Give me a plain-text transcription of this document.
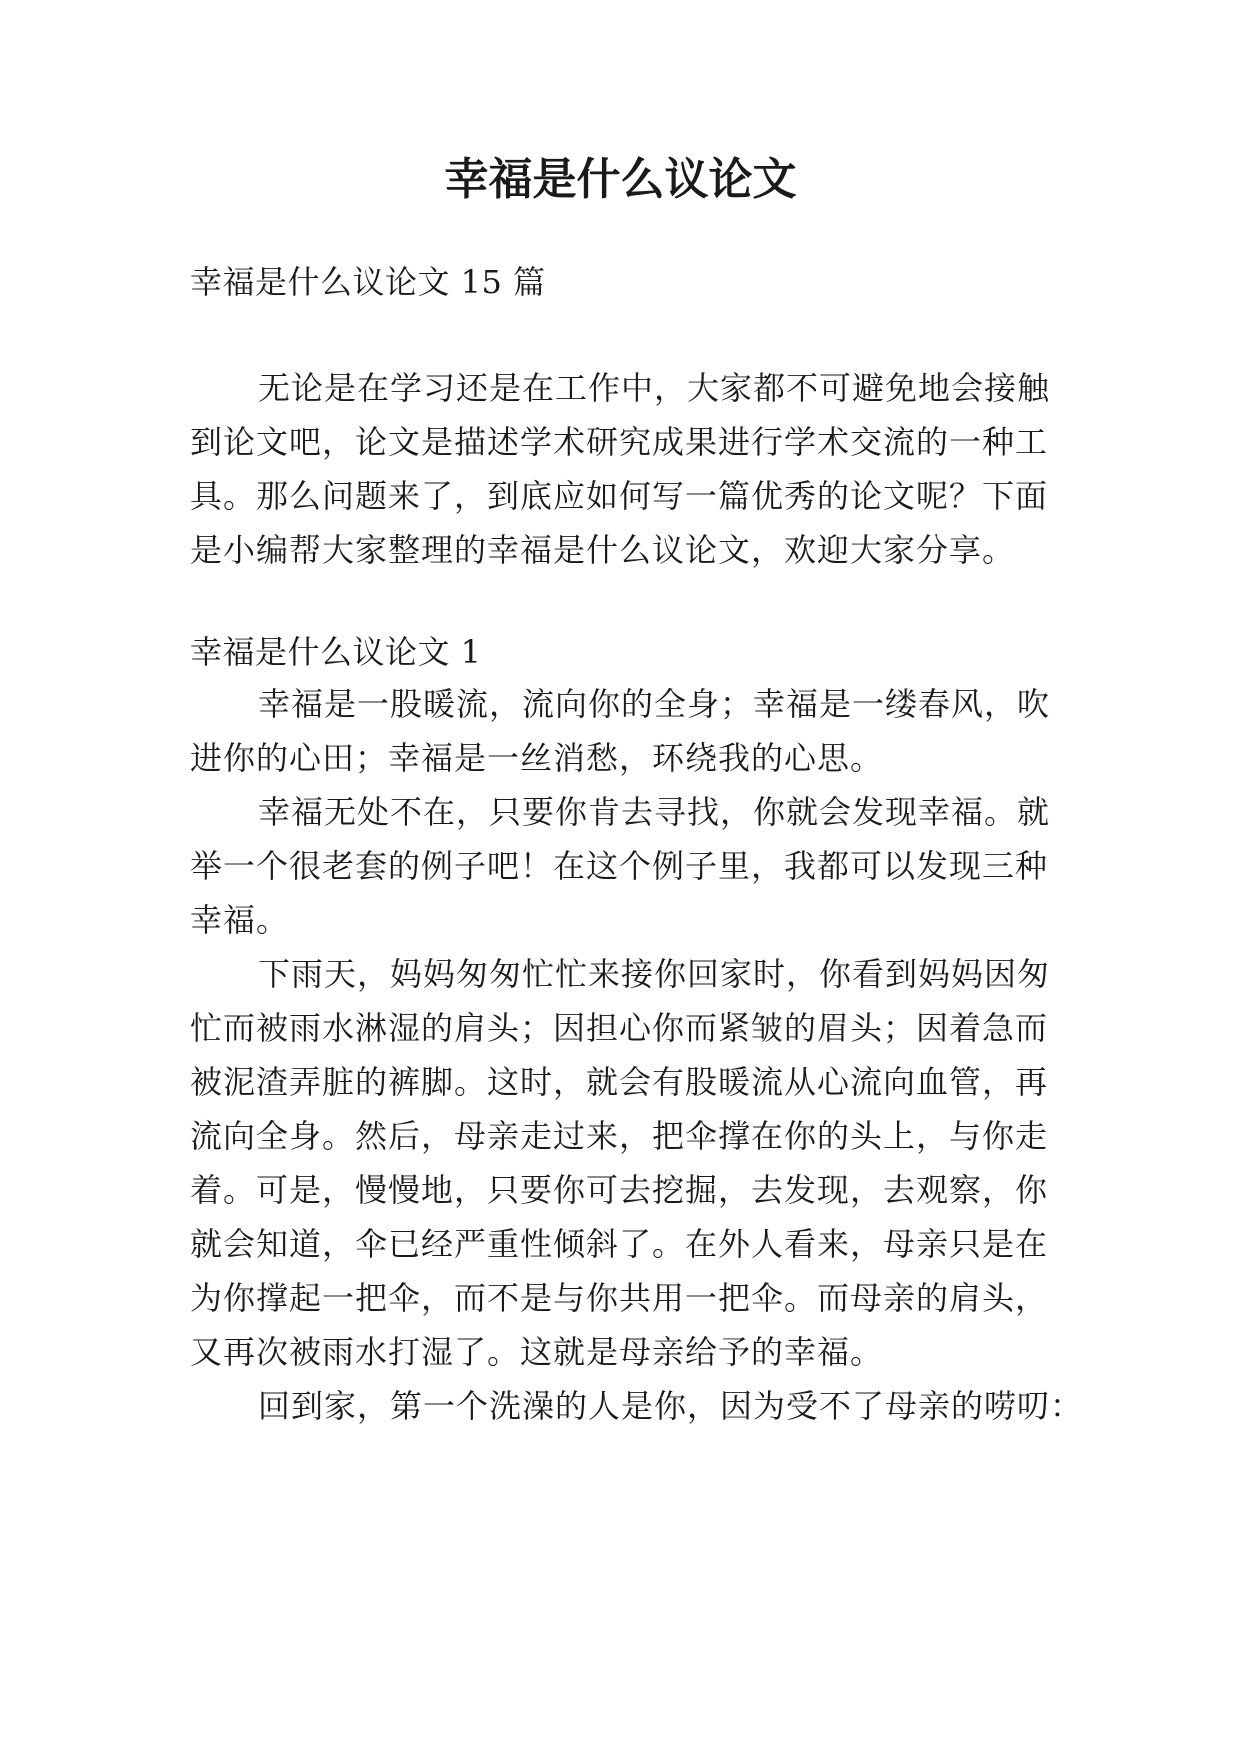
幸福是什么议论文
幸福是什么议论文 15 篇
无论是在学习还是在工作中，大家都不可避免地会接触
到论文吧，论文是描述学术研究成果进行学术交流的一种工
具。那么问题来了，到底应如何写一篇优秀的论文呢？下面
是小编帮大家整理的幸福是什么议论文，欢迎大家分享。
幸福是什么议论文 1
幸福是一股暖流，流向你的全身；幸福是一缕春风，吹
进你的心田；幸福是一丝消愁，环绕我的心思。
幸福无处不在，只要你肯去寻找，你就会发现幸福。就
举一个很老套的例子吧！在这个例子里，我都可以发现三种
幸福。
下雨天，妈妈匆匆忙忙来接你回家时，你看到妈妈因匆
忙而被雨水淋湿的肩头；因担心你而紧皱的眉头；因着急而
被泥渣弄脏的裤脚。这时，就会有股暖流从心流向血管，再
流向全身。然后，母亲走过来，把伞撑在你的头上，与你走
着。可是，慢慢地，只要你可去挖掘，去发现，去观察，你
就会知道，伞已经严重性倾斜了。在外人看来，母亲只是在
为你撑起一把伞，而不是与你共用一把伞。而母亲的肩头，
又再次被雨水打湿了。这就是母亲给予的幸福。
回到家，第一个洗澡的人是你，因为受不了母亲的唠叨：
